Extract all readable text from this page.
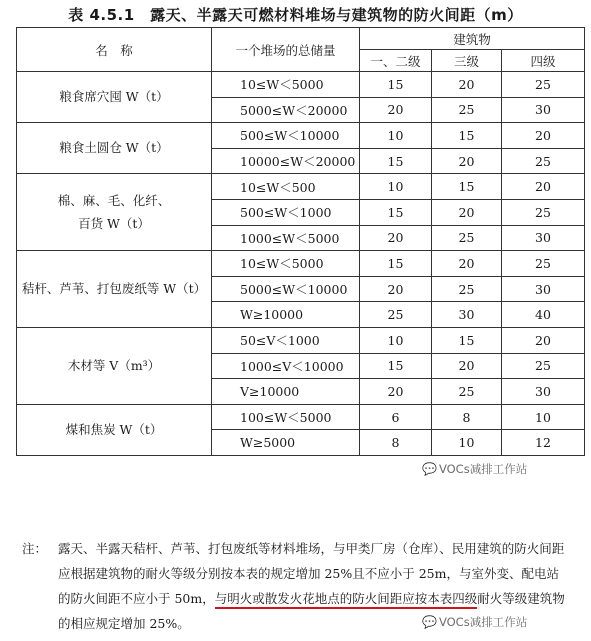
表 4.5.1　露天、半露天可燃材料堆场与建筑物的防火间距（m）
名　称	一个堆场的总储量	建筑物		
		一、二级	三级	四级
粮食席穴囤 W（t）	10≤W＜5000	15	20	25
	5000≤W＜20000	20	25	30
粮食土圆仓 W（t）	500≤W＜10000	10	15	20
	10000≤W＜20000	15	20	25

棉、麻、毛、化纤、
百货 W（t）	10≤W＜500	10	15	20
	500≤W＜1000	15	20	25
	1000≤W＜5000	20	25	30
秸杆、芦苇、打包废纸等 W（t）	10≤W＜5000	15	20	25
	5000≤W＜10000	20	25	30
	W≥10000	25	30	40
木材等 V（m³）	50≤V＜1000	10	15	20
	1000≤V＜10000	15	20	25
	V≥10000	20	25	30
煤和焦炭 W（t）	100≤W＜5000	6	8	10
	W≥5000	8	10	12
💬 VOCs减排工作站
注： 露天、半露天秸杆、芦苇、打包废纸等材料堆场，与甲类厂房（仓库）、民用建筑的防火间距应根据建筑物的耐火等级分别按本表的规定增加 25%且不应小于 25m，与室外变、配电站的防火间距不应小于 50m，与明火或散发火花地点的防火间距应按本表四级耐火等级建筑物的相应规定增加 25%。	💬 VOCs减排工作站
